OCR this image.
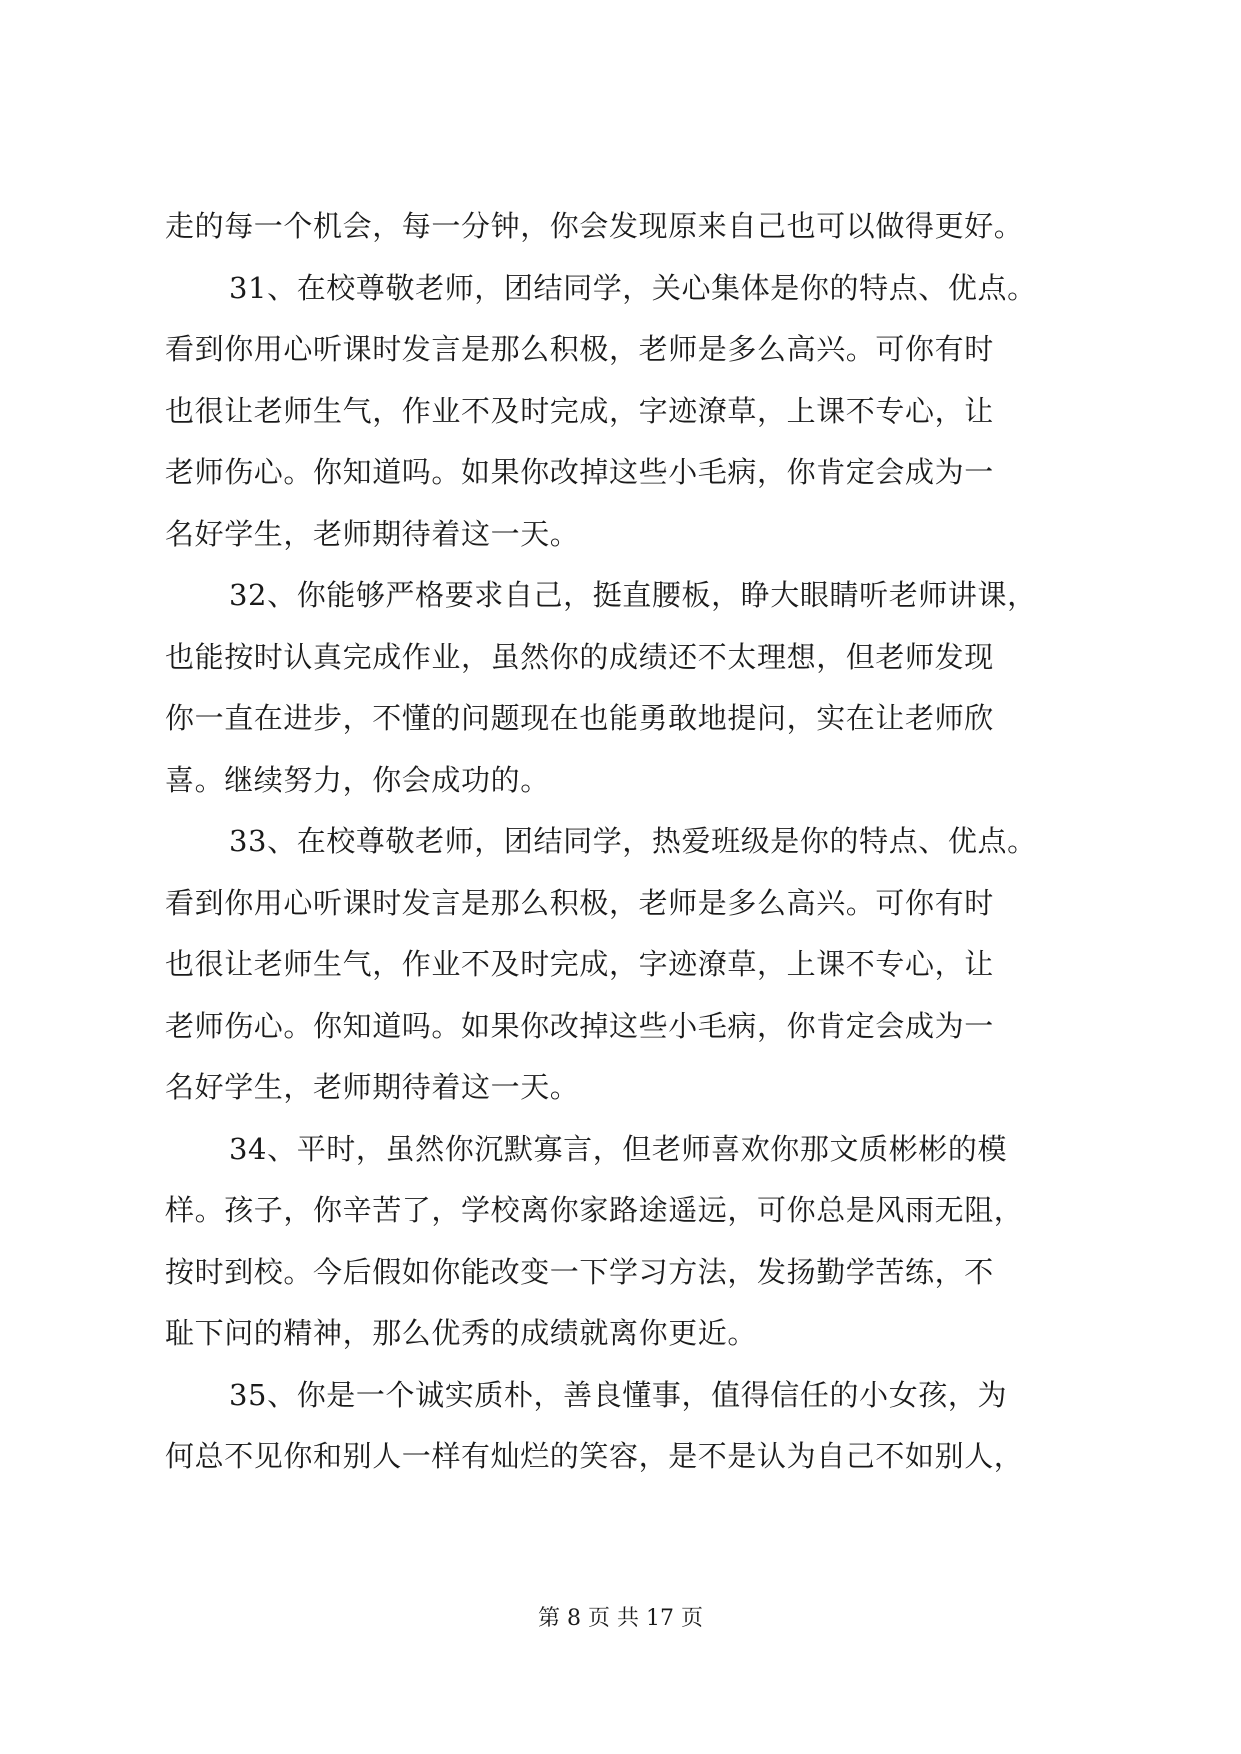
走的每一个机会，每一分钟，你会发现原来自己也可以做得更好。
31、在校尊敬老师，团结同学，关心集体是你的特点、优点。
看到你用心听课时发言是那么积极，老师是多么高兴。可你有时
也很让老师生气，作业不及时完成，字迹潦草，上课不专心，让
老师伤心。你知道吗。如果你改掉这些小毛病，你肯定会成为一
名好学生，老师期待着这一天。
32、你能够严格要求自己，挺直腰板，睁大眼睛听老师讲课，
也能按时认真完成作业，虽然你的成绩还不太理想，但老师发现
你一直在进步，不懂的问题现在也能勇敢地提问，实在让老师欣
喜。继续努力，你会成功的。
33、在校尊敬老师，团结同学，热爱班级是你的特点、优点。
看到你用心听课时发言是那么积极，老师是多么高兴。可你有时
也很让老师生气，作业不及时完成，字迹潦草，上课不专心，让
老师伤心。你知道吗。如果你改掉这些小毛病，你肯定会成为一
名好学生，老师期待着这一天。
34、平时，虽然你沉默寡言，但老师喜欢你那文质彬彬的模
样。孩子，你辛苦了，学校离你家路途遥远，可你总是风雨无阻，
按时到校。今后假如你能改变一下学习方法，发扬勤学苦练，不
耻下问的精神，那么优秀的成绩就离你更近。
35、你是一个诚实质朴，善良懂事，值得信任的小女孩，为
何总不见你和别人一样有灿烂的笑容，是不是认为自己不如别人，
第 8 页 共 17 页
